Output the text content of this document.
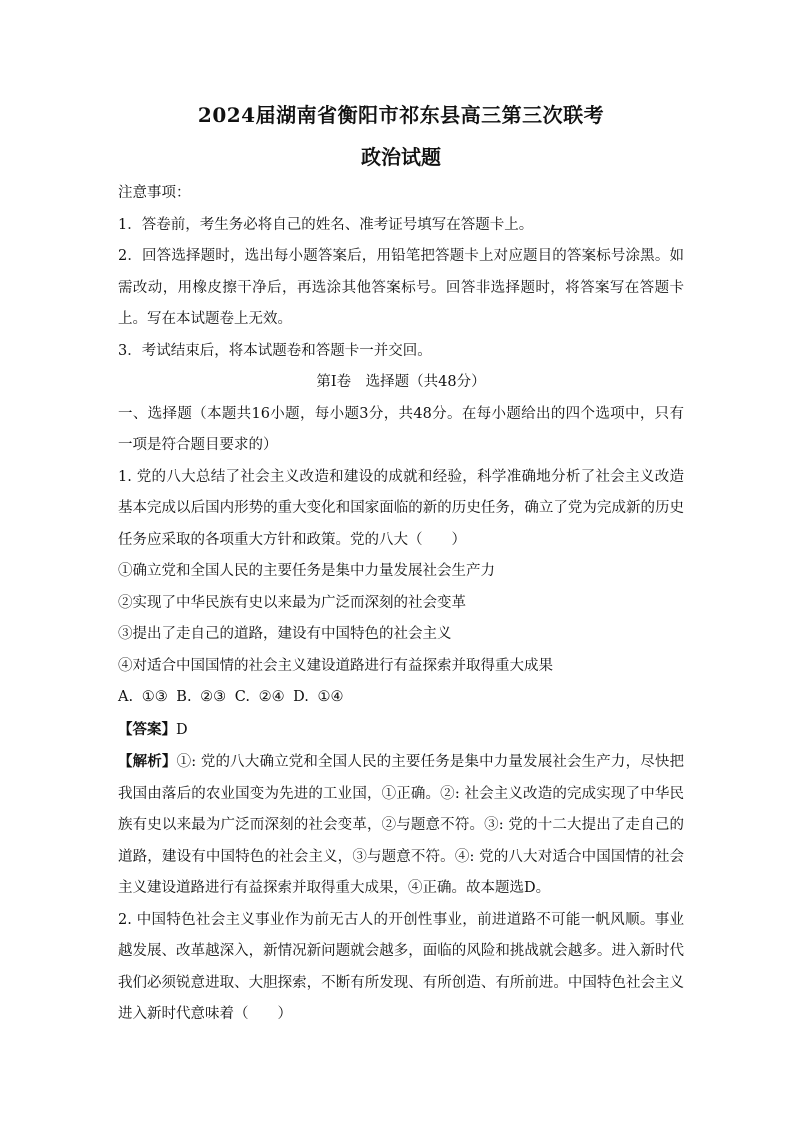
2024届湖南省衡阳市祁东县高三第三次联考
政治试题

注意事项：

1．答卷前，考生务必将自己的姓名、准考证号填写在答题卡上。

2．回答选择题时，选出每小题答案后，用铅笔把答题卡上对应题目的答案标号涂黑。如需改动，用橡皮擦干净后，再选涂其他答案标号。回答非选择题时，将答案写在答题卡上。写在本试题卷上无效。

3．考试结束后，将本试题卷和答题卡一并交回。

第Ⅰ卷　选择题（共48分）

一、选择题（本题共16小题，每小题3分，共48分。在每小题给出的四个选项中，只有一项是符合题目要求的）

1. 党的八大总结了社会主义改造和建设的成就和经验，科学准确地分析了社会主义改造基本完成以后国内形势的重大变化和国家面临的新的历史任务，确立了党为完成新的历史任务应采取的各项重大方针和政策。党的八大（　　）

①确立党和全国人民的主要任务是集中力量发展社会生产力

②实现了中华民族有史以来最为广泛而深刻的社会变革

③提出了走自己的道路，建设有中国特色的社会主义

④对适合中国国情的社会主义建设道路进行有益探索并取得重大成果

A. ①③ B. ②③ C. ②④ D. ①④

【答案】D

【解析】①: 党的八大确立党和全国人民的主要任务是集中力量发展社会生产力，尽快把我国由落后的农业国变为先进的工业国，①正确。②: 社会主义改造的完成实现了中华民族有史以来最为广泛而深刻的社会变革，②与题意不符。③: 党的十二大提出了走自己的道路，建设有中国特色的社会主义，③与题意不符。④: 党的八大对适合中国国情的社会主义建设道路进行有益探索并取得重大成果，④正确。故本题选D。

2. 中国特色社会主义事业作为前无古人的开创性事业，前进道路不可能一帆风顺。事业越发展、改革越深入，新情况新问题就会越多，面临的风险和挑战就会越多。进入新时代我们必须锐意进取、大胆探索，不断有所发现、有所创造、有所前进。中国特色社会主义进入新时代意味着（　　）
